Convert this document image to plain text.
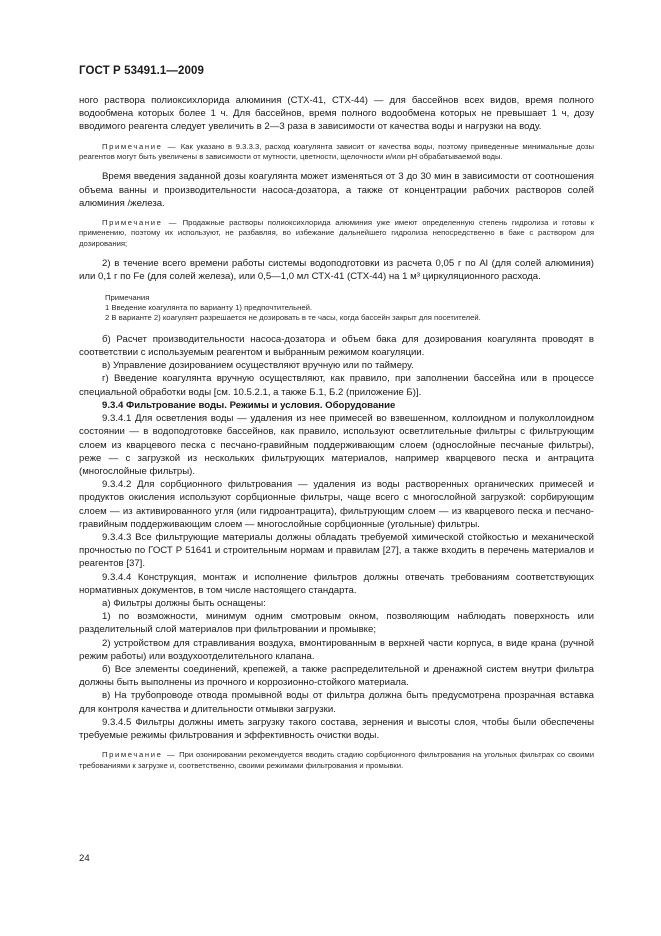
ГОСТ Р 53491.1—2009

ного раствора полиоксихлорида алюминия (СТХ-41, СТХ-44) — для бассейнов всех видов, время полного водообмена которых более 1 ч. Для бассейнов, время полного водообмена которых не превышает 1 ч, дозу вводимого реагента следует увеличить в 2—3 раза в зависимости от качества воды и нагрузки на воду.

Примечание — Как указано в 9.3.3.3, расход коагулянта зависит от качества воды, поэтому приведенные минимальные дозы реагентов могут быть увеличены в зависимости от мутности, цветности, щелочности и/или pH обрабатываемой воды.

Время введения заданной дозы коагулянта может изменяться от 3 до 30 мин в зависимости от соотношения объема ванны и производительности насоса-дозатора, а также от концентрации рабочих растворов солей алюминия /железа.

Примечание — Продажные растворы полиоксихлорида алюминия уже имеют определенную степень гидролиза и готовы к применению, поэтому их используют, не разбавляя, во избежание дальнейшего гидролиза непосредственно в баке с раствором для дозирования;

2) в течение всего времени работы системы водоподготовки из расчета 0,05 г по Al (для солей алюминия) или 0,1 г по Fe (для солей железа), или 0,5—1,0 мл СТХ-41 (СТХ-44) на 1 м³ циркуляционного расхода.

Примечания

1 Введение коагулянта по варианту 1) предпочтительней.

2 В варианте 2) коагулянт разрешается не дозировать в те часы, когда бассейн закрыт для посетителей.

б) Расчет производительности насоса-дозатора и объем бака для дозирования коагулянта проводят в соответствии с используемым реагентом и выбранным режимом коагуляции.

в) Управление дозированием осуществляют вручную или по таймеру.

г) Введение коагулянта вручную осуществляют, как правило, при заполнении бассейна или в процессе специальной обработки воды [см. 10.5.2.1, а также Б.1, Б.2 (приложение Б)].

9.3.4 Фильтрование воды. Режимы и условия. Оборудование

9.3.4.1 Для осветления воды — удаления из нее примесей во взвешенном, коллоидном и полуколлоидном состоянии — в водоподготовке бассейнов, как правило, используют осветлительные фильтры с фильтрующим слоем из кварцевого песка с песчано-гравийным поддерживающим слоем (однослойные песчаные фильтры), реже — с загрузкой из нескольких фильтрующих материалов, например кварцевого песка и антрацита (многослойные фильтры).

9.3.4.2 Для сорбционного фильтрования — удаления из воды растворенных органических примесей и продуктов окисления используют сорбционные фильтры, чаще всего с многослойной загрузкой: сорбирующим слоем — из активированного угля (или гидроантрацита), фильтрующим слоем — из кварцевого песка и песчано-гравийным поддерживающим слоем — многослойные сорбционные (угольные) фильтры.

9.3.4.3 Все фильтрующие материалы должны обладать требуемой химической стойкостью и механической прочностью по ГОСТ Р 51641 и строительным нормам и правилам [27], а также входить в перечень материалов и реагентов [37].

9.3.4.4 Конструкция, монтаж и исполнение фильтров должны отвечать требованиям соответствующих нормативных документов, в том числе настоящего стандарта.

а) Фильтры должны быть оснащены:

1) по возможности, минимум одним смотровым окном, позволяющим наблюдать поверхность или разделительный слой материалов при фильтровании и промывке;

2) устройством для стравливания воздуха, вмонтированным в верхней части корпуса, в виде крана (ручной режим работы) или воздухоотделительного клапана.

б) Все элементы соединений, крепежей, а также распределительной и дренажной систем внутри фильтра должны быть выполнены из прочного и коррозионно-стойкого материала.

в) На трубопроводе отвода промывной воды от фильтра должна быть предусмотрена прозрачная вставка для контроля качества и длительности отмывки загрузки.

9.3.4.5 Фильтры должны иметь загрузку такого состава, зернения и высоты слоя, чтобы были обеспечены требуемые режимы фильтрования и эффективность очистки воды.

Примечание — При озонировании рекомендуется вводить стадию сорбционного фильтрования на угольных фильтрах со своими требованиями к загрузке и, соответственно, своими режимами фильтрования и промывки.

24
